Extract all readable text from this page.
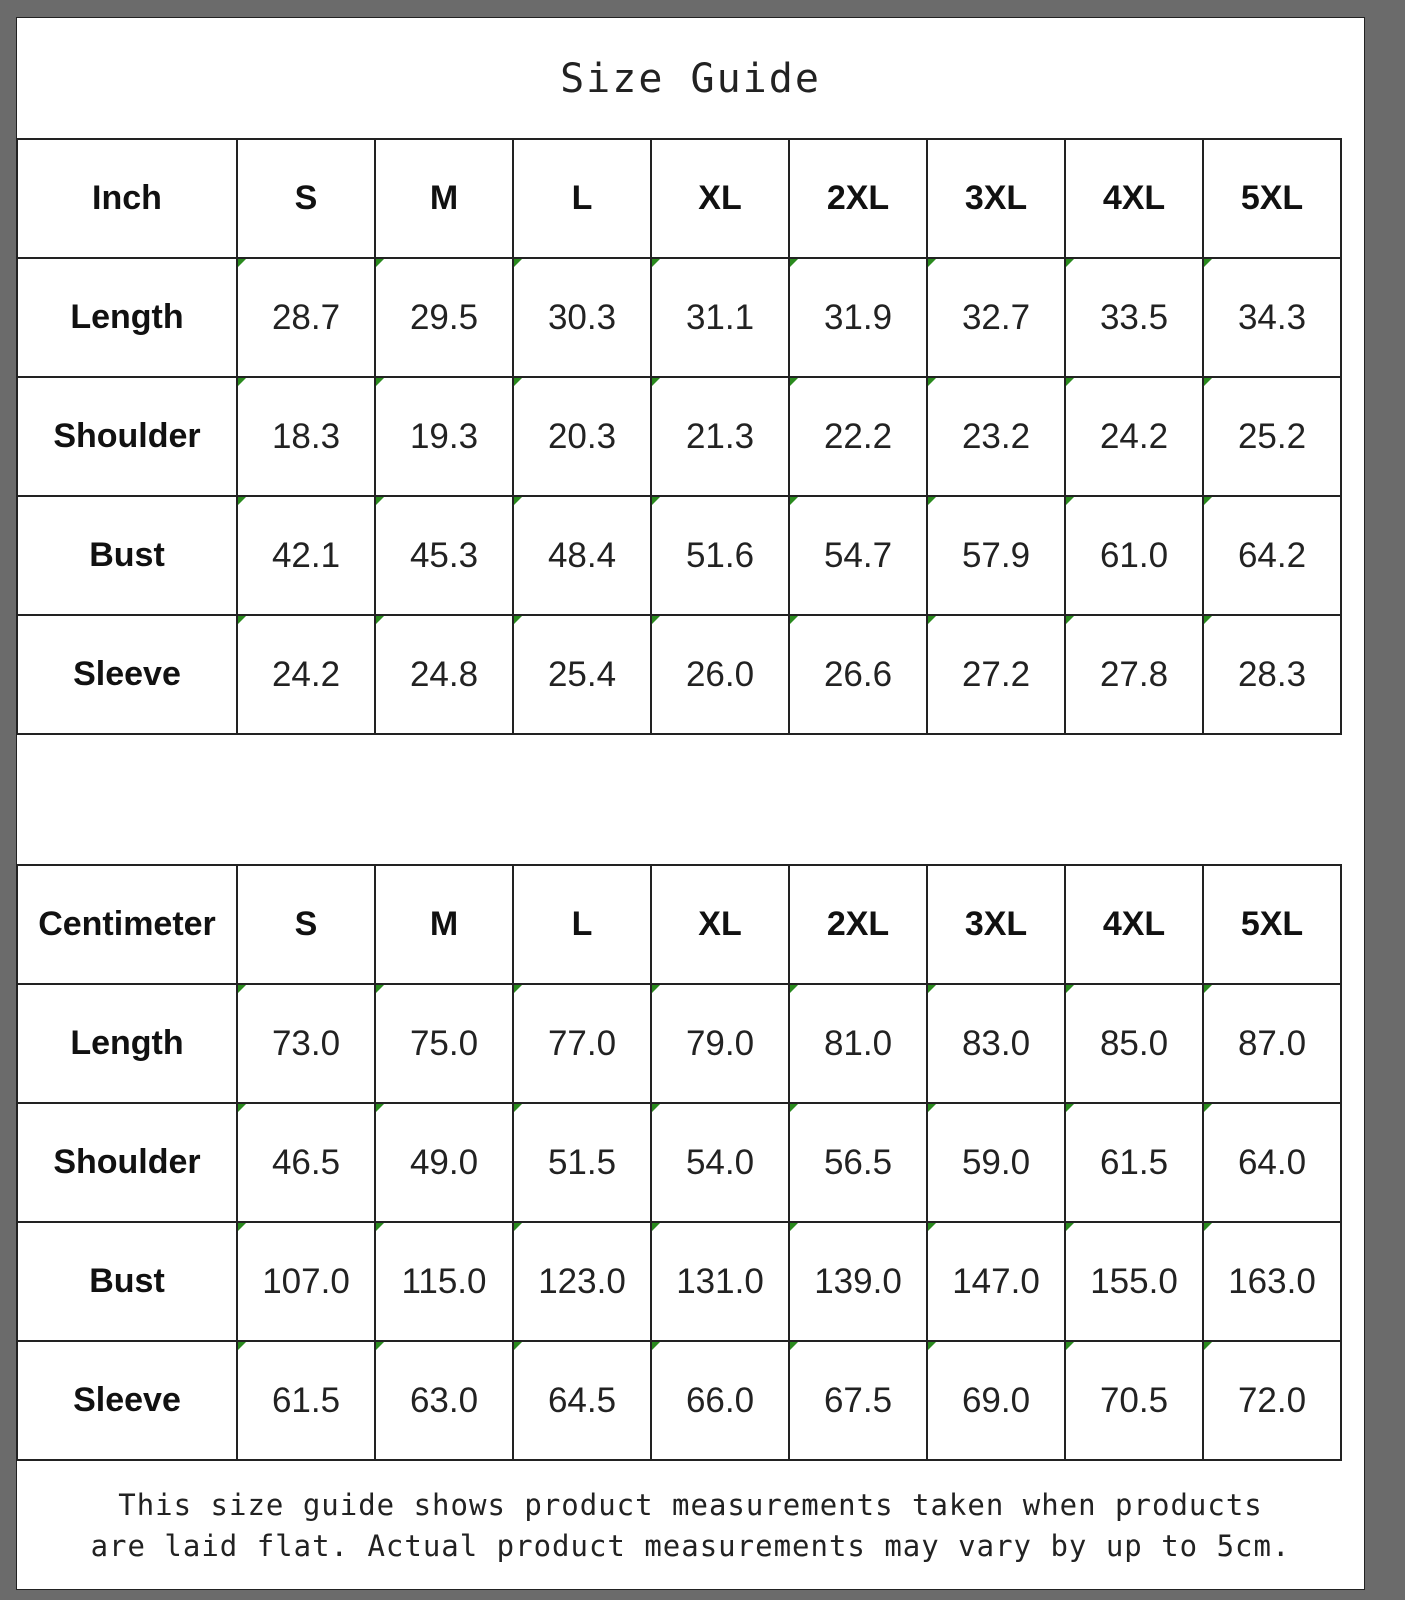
Size Guide
Inch	S	M	L	XL	2XL	3XL	4XL	5XL
Length	28.7	29.5	30.3	31.1	31.9	32.7	33.5	34.3
Shoulder	18.3	19.3	20.3	21.3	22.2	23.2	24.2	25.2
Bust	42.1	45.3	48.4	51.6	54.7	57.9	61.0	64.2
Sleeve	24.2	24.8	25.4	26.0	26.6	27.2	27.8	28.3
Centimeter	S	M	L	XL	2XL	3XL	4XL	5XL
Length	73.0	75.0	77.0	79.0	81.0	83.0	85.0	87.0
Shoulder	46.5	49.0	51.5	54.0	56.5	59.0	61.5	64.0
Bust	107.0	115.0	123.0	131.0	139.0	147.0	155.0	163.0
Sleeve	61.5	63.0	64.5	66.0	67.5	69.0	70.5	72.0
This size guide shows product measurements taken when products
are laid flat. Actual product measurements may vary by up to 5cm.
